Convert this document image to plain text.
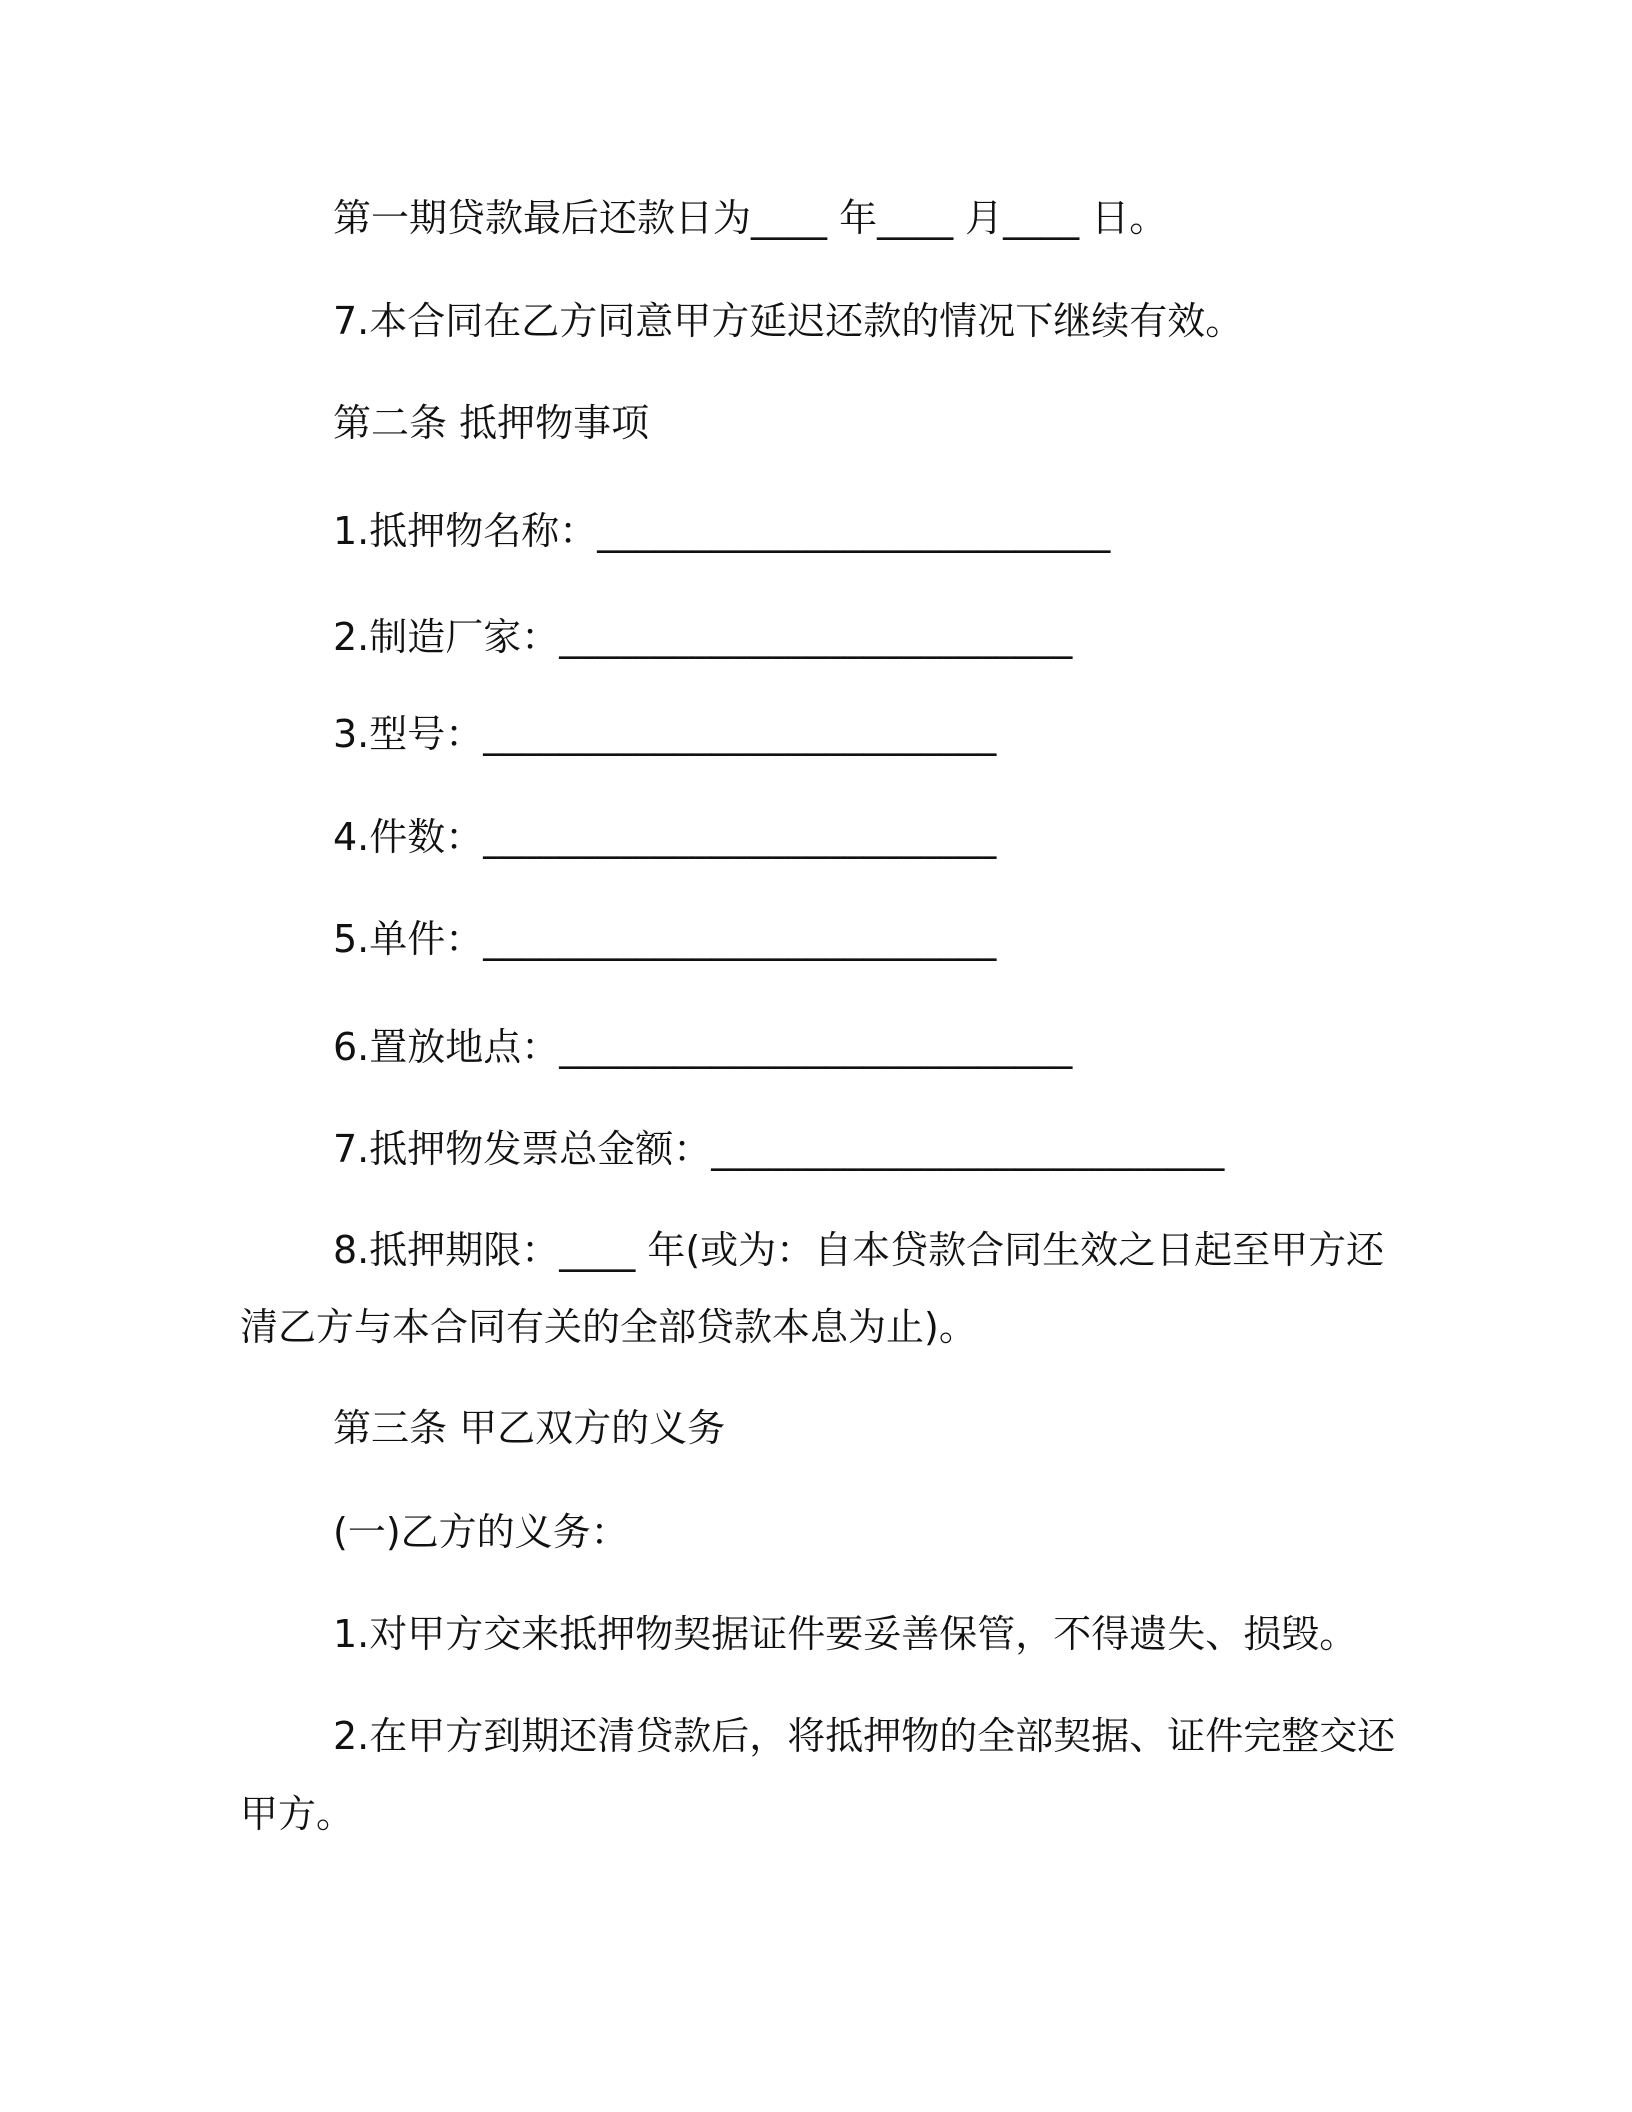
第一期贷款最后还款日为____ 年____ 月____ 日。

7.本合同在乙方同意甲方延迟还款的情况下继续有效。

第二条 抵押物事项

1.抵押物名称：___________________________

2.制造厂家：___________________________

3.型号：___________________________

4.件数：___________________________

5.单件：___________________________

6.置放地点：___________________________

7.抵押物发票总金额：___________________________

8.抵押期限：____ 年(或为：自本贷款合同生效之日起至甲方还

清乙方与本合同有关的全部贷款本息为止)。

第三条 甲乙双方的义务

(一)乙方的义务：

1.对甲方交来抵押物契据证件要妥善保管，不得遗失、损毁。

2.在甲方到期还清贷款后，将抵押物的全部契据、证件完整交还

甲方。
